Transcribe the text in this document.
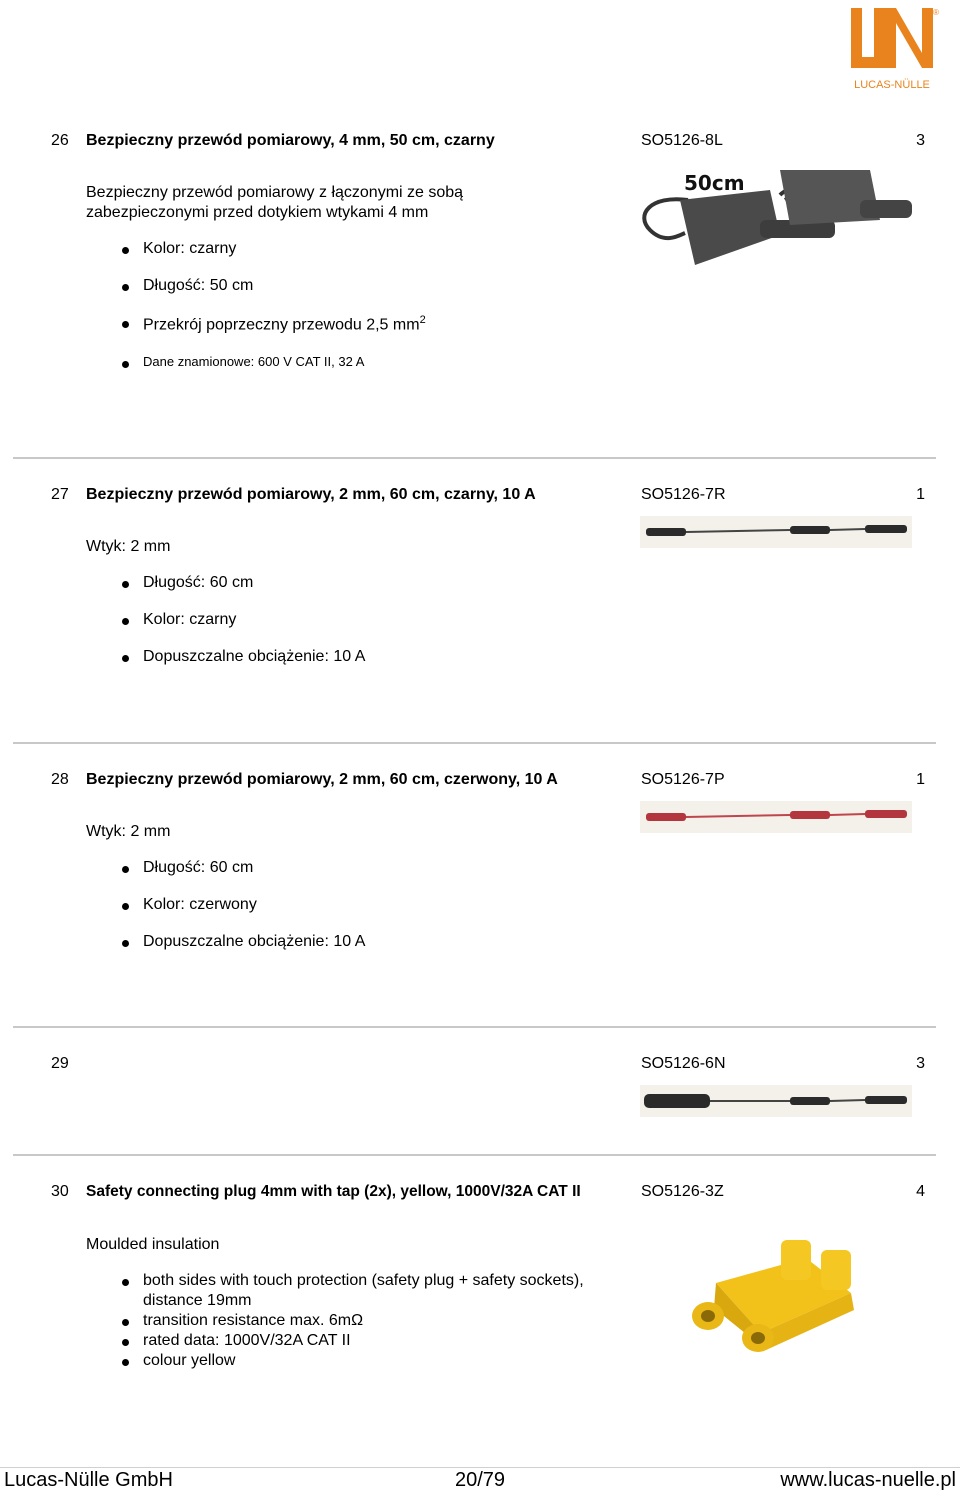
LUCAS-NÜLLE
®
26 Bezpieczny przewód pomiarowy, 4 mm, 50 cm, czarny	SO5126-8L	3
Bezpieczny przewód pomiarowy z łączonymi ze sobą zabezpieczonymi przed dotykiem wtykami 4 mm
Kolor: czarny
Długość: 50 cm
Przekrój poprzeczny przewodu 2,5 $mm^2$
Dane znamionowe: 600 V CAT II, 32 A
50cm
27 Bezpieczny przewód pomiarowy, 2 mm, 60 cm, czarny, 10 A	SO5126-7R	1
Wtyk: 2 mm
Długość: 60 cm
Kolor: czarny
Dopuszczalne obciążenie: 10 A
28 Bezpieczny przewód pomiarowy, 2 mm, 60 cm, czerwony, 10 A	SO5126-7P	1
Wtyk: 2 mm
Długość: 60 cm
Kolor: czerwony
Dopuszczalne obciążenie: 10 A
29	SO5126-6N	3
30 Safety connecting plug 4mm with tap (2x), yellow, 1000V/32A CAT II	SO5126-3Z	4
Moulded insulation
both sides with touch protection (safety plug + safety sockets),
distance 19mm
transition resistance max. 6mΩ
rated data: 1000V/32A CAT II
colour yellow
Lucas-Nülle GmbH	20/79	www.lucas-nuelle.pl
